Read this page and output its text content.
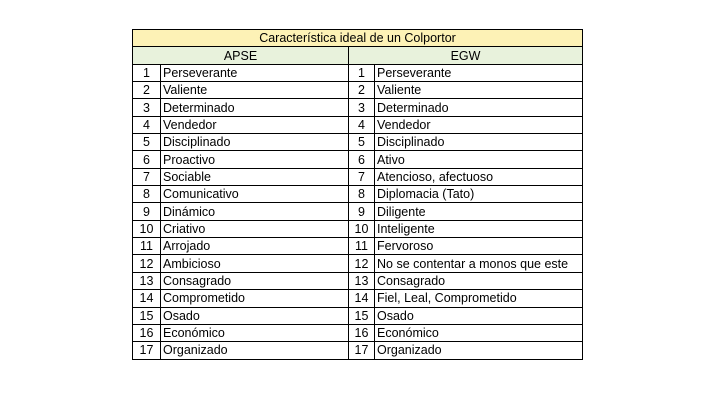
Característica ideal de un Colportor			
APSE		EGW	
1	Perseverante	1	Perseverante
2	Valiente	2	Valiente
3	Determinado	3	Determinado
4	Vendedor	4	Vendedor
5	Disciplinado	5	Disciplinado
6	Proactivo	6	Ativo
7	Sociable	7	Atencioso, afectuoso
8	Comunicativo	8	Diplomacia (Tato)
9	Dinámico	9	Diligente
10	Criativo	10	Inteligente
11	Arrojado	11	Fervoroso
12	Ambicioso	12	No se contentar a monos que este
13	Consagrado	13	Consagrado
14	Comprometido	14	Fiel, Leal, Comprometido
15	Osado	15	Osado
16	Económico	16	Económico
17	Organizado	17	Organizado
